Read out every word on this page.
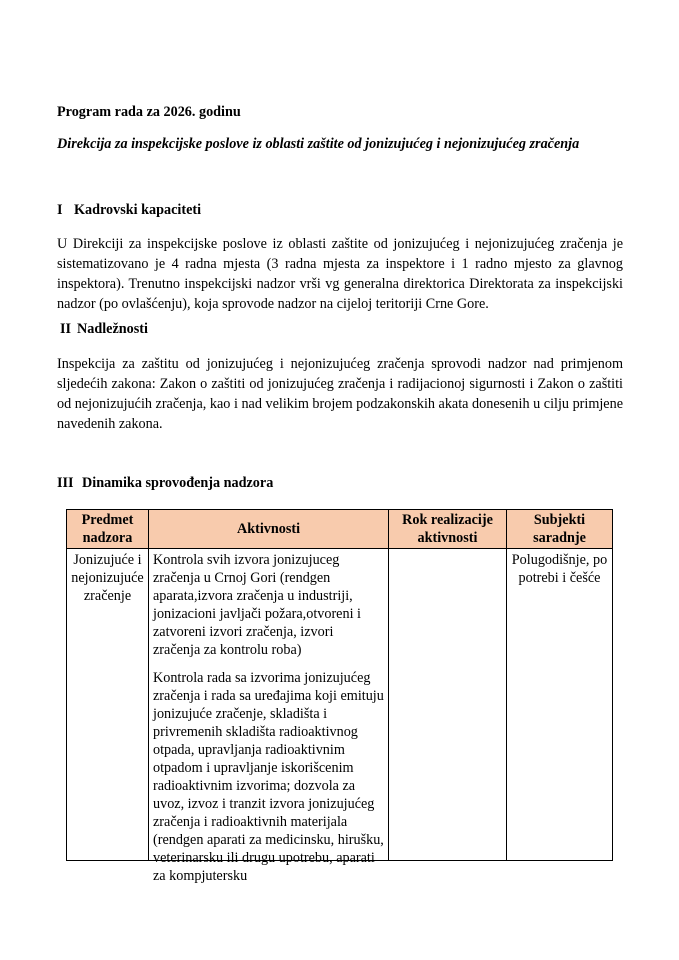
Program rada za 2026. godinu

Direkcija za inspekcijske poslove iz oblasti zaštite od jonizujućeg i nejonizujućeg zračenja

I Kadrovski kapaciteti

U Direkciji za inspekcijske poslove iz oblasti zaštite od jonizujućeg i nejonizujućeg zračenja je sistematizovano je 4 radna mjesta (3 radna mjesta za inspektore i 1 radno mjesto za glavnog inspektora). Trenutno inspekcijski nadzor vrši vg generalna direktorica Direktorata za inspekcijski nadzor (po ovlašćenju), koja sprovode nadzor na cijeloj teritoriji Crne Gore.

II Nadležnosti

Inspekcija za zaštitu od jonizujućeg i nejonizujućeg zračenja sprovodi nadzor nad primjenom sljedećih zakona: Zakon o zaštiti od jonizujućeg zračenja i radijacionoj sigurnosti i Zakon o zaštiti od nejonizujućih zračenja, kao i nad velikim brojem podzakonskih akata donesenih u cilju primjene navedenih zakona.

III Dinamika sprovođenja nadzora

Predmet nadzora	Aktivnosti	Rok realizacije aktivnosti	Subjekti saradnje

Jonizujuće i nejonizujuće zračenje	Kontrola svih izvora jonizujuceg zračenja u Crnoj Gori (rendgen aparata,izvora zračenja u industriji, jonizacioni javljači požara,otvoreni i zatvoreni izvori zračenja, izvori zračenja za kontrolu roba)

Kontrola rada sa izvorima jonizujućeg zračenja i rada sa uređajima koji emituju jonizujuće zračenje, skladišta i privremenih skladišta radioaktivnog otpada, upravljanja radioaktivnim otpadom i upravljanje iskorišcenim radioaktivnim izvorima; dozvola za uvoz, izvoz i tranzit izvora jonizujućeg zračenja i radioaktivnih materijala (rendgen aparati za medicinsku, hirušku, veterinarsku ili drugu upotrebu, aparati za kompjutersku		Polugodišnje, po potrebi i češće
